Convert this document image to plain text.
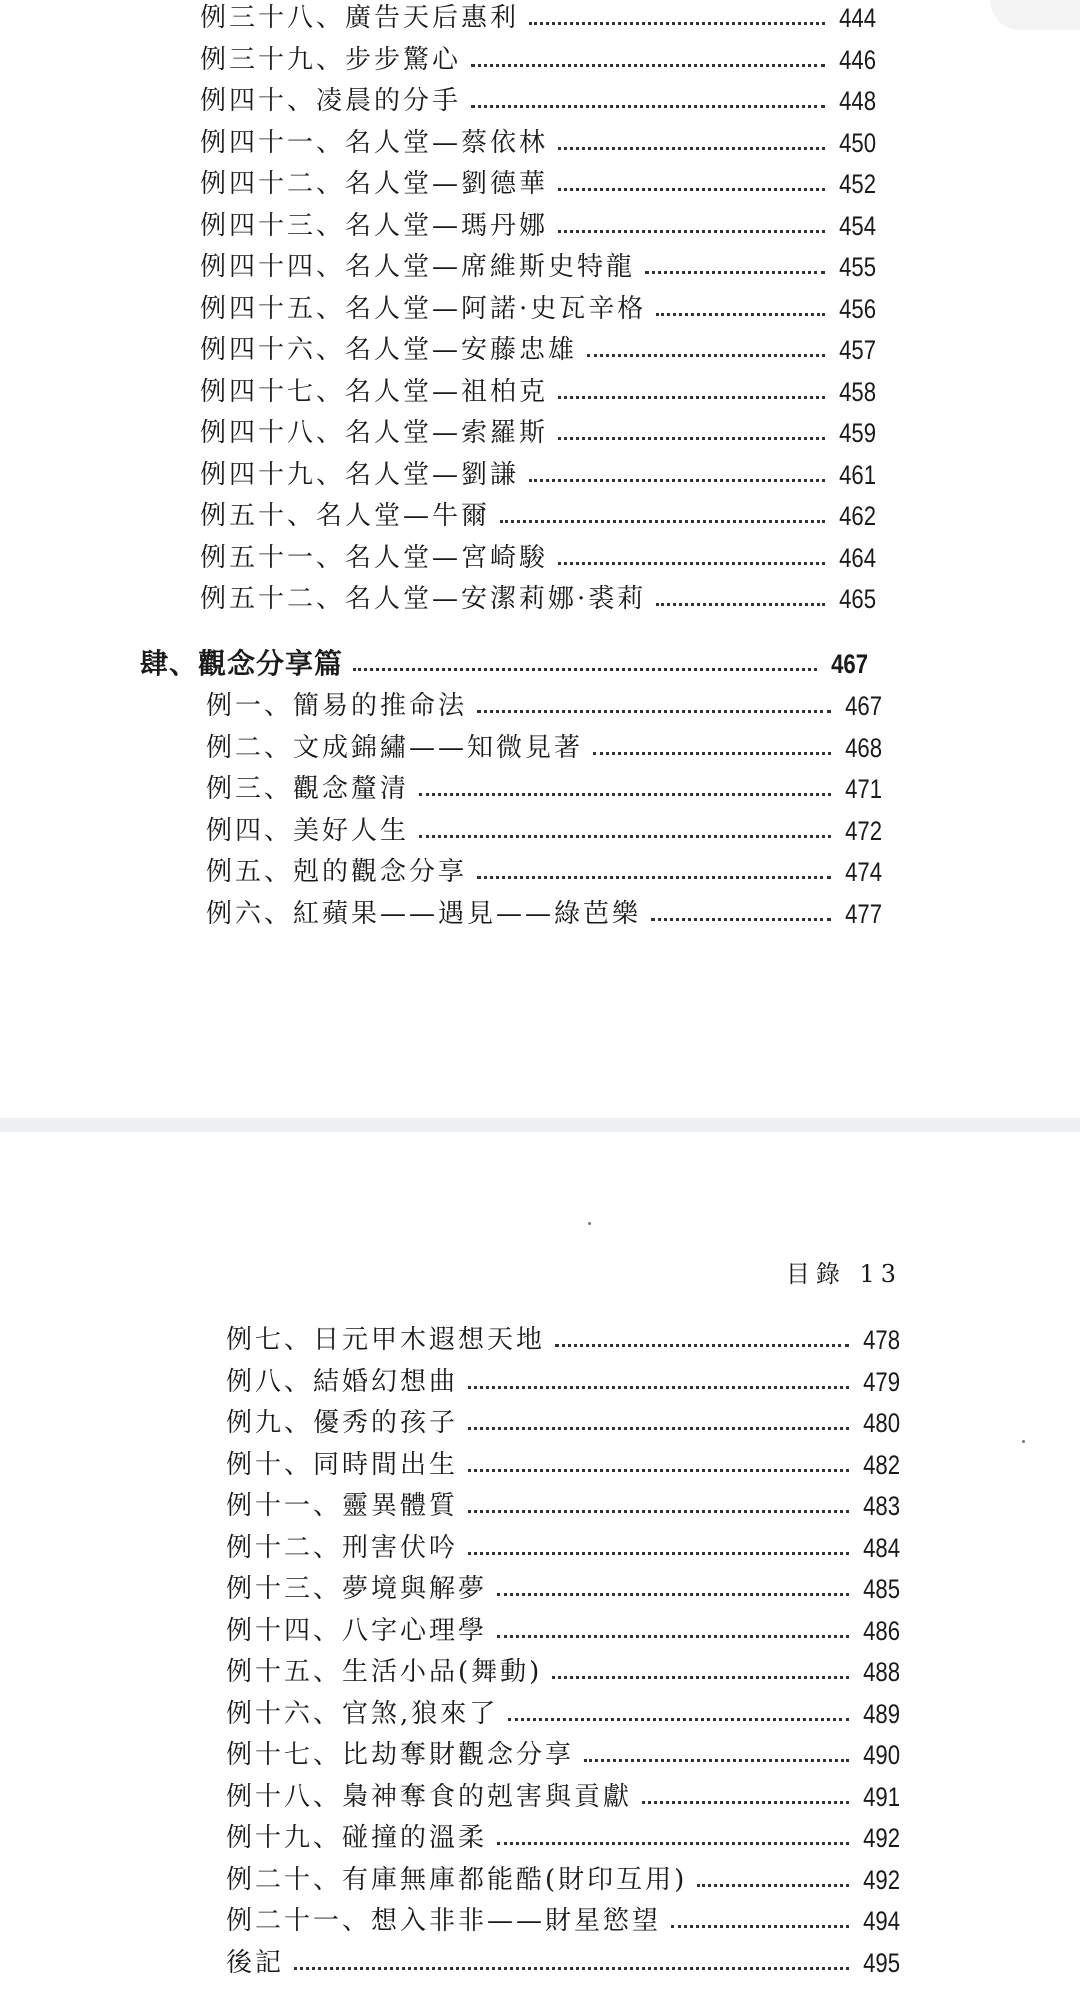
例三十八、廣告天后惠利	444
例三十九、步步驚心	446
例四十、凌晨的分手	448
例四十一、名人堂—蔡依林	450
例四十二、名人堂—劉德華	452
例四十三、名人堂—瑪丹娜	454
例四十四、名人堂—席維斯史特龍	455
例四十五、名人堂—阿諾·史瓦辛格	456
例四十六、名人堂—安藤忠雄	457
例四十七、名人堂—祖柏克	458
例四十八、名人堂—索羅斯	459
例四十九、名人堂—劉謙	461
例五十、名人堂—牛爾	462
例五十一、名人堂—宮崎駿	464
例五十二、名人堂—安潔莉娜·裘莉	465
肆、觀念分享篇	467
例一、簡易的推命法	467
例二、文成錦繡——知微見著	468
例三、觀念釐清	471
例四、美好人生	472
例五、剋的觀念分享	474
例六、紅蘋果——遇見——綠芭樂	477
目錄 13
例七、日元甲木遐想天地	478
例八、結婚幻想曲	479
例九、優秀的孩子	480
例十、同時間出生	482
例十一、靈異體質	483
例十二、刑害伏吟	484
例十三、夢境與解夢	485
例十四、八字心理學	486
例十五、生活小品(舞動)	488
例十六、官煞,狼來了	489
例十七、比劫奪財觀念分享	490
例十八、梟神奪食的剋害與貢獻	491
例十九、碰撞的溫柔	492
例二十、有庫無庫都能酷(財印互用)	492
例二十一、想入非非——財星慾望	494
後記	495
